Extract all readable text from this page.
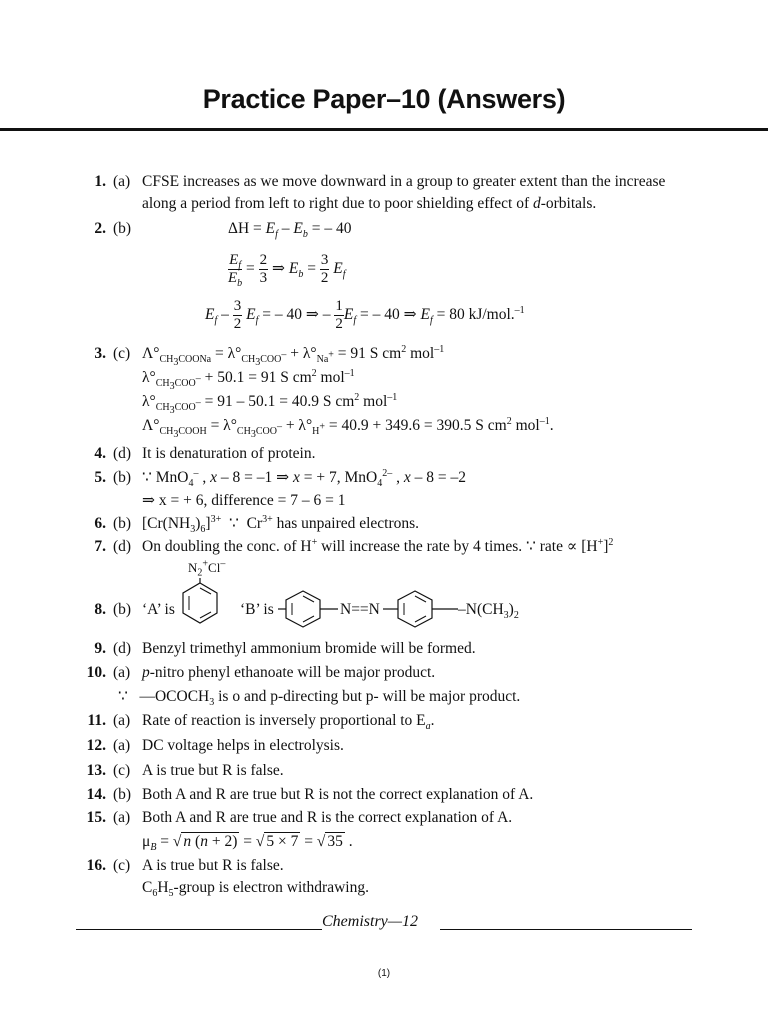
Practice Paper–10 (Answers)
1. (a) CFSE increases as we move downward in a group to greater extent than the increase
along a period from left to right due to poor shielding effect of d-orbitals.
2. (b)	$\Delta H = E_f - E_b$ = – 40
$\frac{E_f}{E_b} = \frac{2}{3}$ ⇒ $E_b = \frac{3}{2} E_f$
$E_f - \frac{3}{2} E_f$ = – 40 ⇒ – $\frac{1}{2} E_f$ = – 40 ⇒ $E_f = 80$ kJ/mol.$^{-1}$
3. (c) $\Lambda^\circ_{CH_3COONa} = \lambda^\circ_{CH_3COO^-} + \lambda^\circ_{Na^+} = 91$ S $cm^2$ mol$^{-1}$
$\lambda^\circ_{CH_3COO^-} + 50.1 = 91$ S $cm^2$ mol$^{-1}$
$\lambda^\circ_{CH_3COO^-} = 91 - 50.1 = 40.9$ S $cm^2$ mol$^{-1}$
$\Lambda^\circ_{CH_3COOH} = \lambda^\circ_{CH_3COO^-} + \lambda^\circ_{H^+} = 40.9 + 349.6 = 390.5$ S $cm^2$ mol$^{-1}$.
4. (d) It is denaturation of protein.
5. (b) ∵ MnO$_4$– , x – 8 = –1 ⇒ x = + 7, MnO$_4^{2-}$ , x – 8 = –2
⇒ x = + 6, difference = 7 – 6 = 1
6. (b) $[Cr(NH_3)_6]^{3+}$  ∵  $Cr^{3+}$ has unpaired electrons.
7. (d) On doubling the conc. of H+ will increase the rate by 4 times. ∵ rate ∝ $[H^+]^2$
$N_2^+Cl^-$
8. (b) ‘A’ is	‘B’ is	N==N	$-N(CH_3)_2$
9. (d) Benzyl trimethyl ammonium bromide will be formed.
10. (a) p-nitro phenyl ethanoate will be major product.
∵   $—OCOCH_3$ is o and p-directing but p- will be major product.
11. (a) Rate of reaction is inversely proportional to $E_a$.
12. (a) DC voltage helps in electrolysis.
13. (c) A is true but R is false.
14. (b) Both A and R are true but R is not the correct explanation of A.
15. (a) Both A and R are true and R is the correct explanation of A.
$\mu_B$ = √ n (n + 2) = √ 5 × 7 = √ 35 .
16. (c) A is true but R is false.
$C_6H_5$-group is electron withdrawing.
Chemistry—12
(1)
